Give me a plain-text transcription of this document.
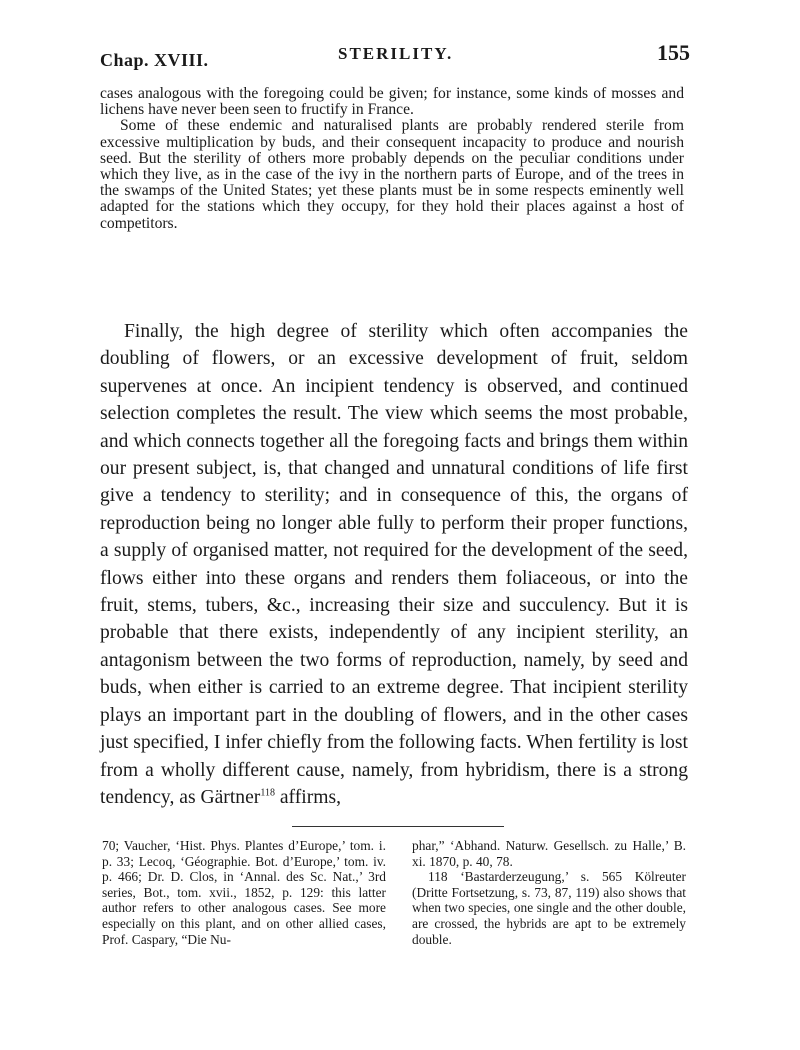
Chap. XVIII.	STERILITY.	155

cases analogous with the foregoing could be given; for instance, some kinds of mosses and lichens have never been seen to fructify in France.

Some of these endemic and naturalised plants are probably rendered sterile from excessive multiplication by buds, and their consequent incapacity to produce and nourish seed. But the sterility of others more probably depends on the peculiar conditions under which they live, as in the case of the ivy in the northern parts of Europe, and of the trees in the swamps of the United States; yet these plants must be in some respects eminently well adapted for the stations which they occupy, for they hold their places against a host of competitors.

Finally, the high degree of sterility which often accompanies the doubling of flowers, or an excessive development of fruit, seldom supervenes at once. An incipient tendency is observed, and continued selection completes the result. The view which seems the most probable, and which connects together all the foregoing facts and brings them within our present subject, is, that changed and unnatural conditions of life first give a tendency to sterility; and in consequence of this, the organs of reproduction being no longer able fully to perform their proper functions, a supply of organised matter, not required for the development of the seed, flows either into these organs and renders them foliaceous, or into the fruit, stems, tubers, &c., increasing their size and succulency. But it is probable that there exists, independently of any incipient sterility, an antagonism between the two forms of reproduction, namely, by seed and buds, when either is carried to an extreme degree. That incipient sterility plays an important part in the doubling of flowers, and in the other cases just specified, I infer chiefly from the following facts. When fertility is lost from a wholly different cause, namely, from hybridism, there is a strong tendency, as Gärtner$^{118}$ affirms,

70; Vaucher, ‘Hist. Phys. Plantes d’Europe,’ tom. i. p. 33; Lecoq, ‘Géographie. Bot. d’Europe,’ tom. iv. p. 466; Dr. D. Clos, in ‘Annal. des Sc. Nat.,’ 3rd series, Bot., tom. xvii., 1852, p. 129: this latter author refers to other analogous cases. See more especially on this plant, and on other allied cases, Prof. Caspary, “Die Nu-

phar,” ‘Abhand. Naturw. Gesellsch. zu Halle,’ B. xi. 1870, p. 40, 78.

118 ‘Bastarderzeugung,’ s. 565 Kölreuter (Dritte Fortsetzung, s. 73, 87, 119) also shows that when two species, one single and the other double, are crossed, the hybrids are apt to be extremely double.
